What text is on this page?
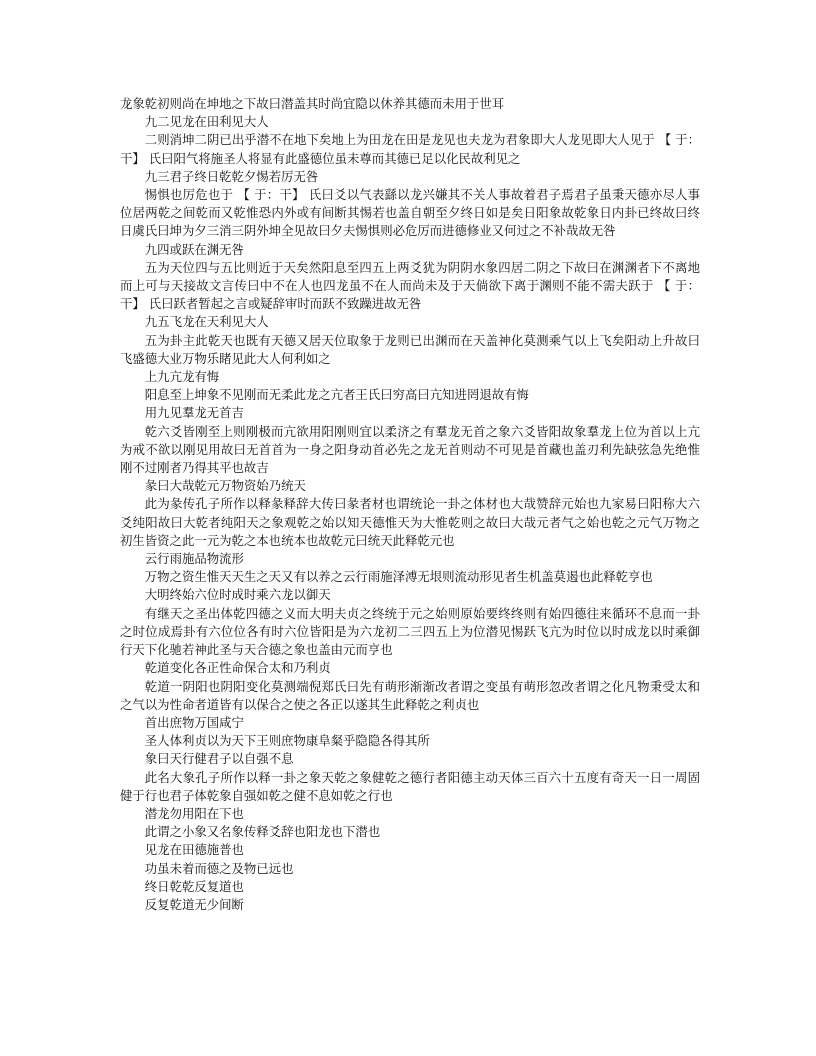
龙象乾初则尚在坤地之下故曰潜盖其时尚宜隐以休养其德而未用于世耳

九二见龙在田利见大人

二则消坤二阴已出乎潜不在地下矣地上为田龙在田是龙见也夫龙为君象即大人龙见即大人见于 【 于：干】 氏曰阳气将施圣人将显有此盛德位虽未尊而其德已足以化民故利见之

九三君子终日乾乾夕惕若厉无咎

惕惧也厉危也于 【 于：干】 氏曰爻以气表繇以龙兴嫌其不关人事故着君子焉君子虽秉天德亦尽人事位居两乾之间乾而又乾惟恐内外或有间断其惕若也盖自朝至夕终日如是矣日阳象故乾象日内卦已终故曰终日虞氏曰坤为夕三消三阴外坤全见故曰夕夫惕惧则必危厉而进德修业又何过之不补哉故无咎

九四或跃在渊无咎

五为天位四与五比则近于天矣然阳息至四五上两爻犹为阴阴水象四居二阴之下故曰在渊渊者下不离地而上可与天接故文言传曰中不在人也四龙虽不在人而尚未及于天倘欲下离于渊则不能不需夫跃于 【 于：干】 氏曰跃者暂起之言或疑辞审时而跃不致躁进故无咎

九五飞龙在天利见大人

五为卦主此乾天也既有天德又居天位取象于龙则已出渊而在天盖神化莫测乘气以上飞矣阳动上升故曰飞盛德大业万物乐睹见此大人何利如之

上九亢龙有悔

阳息至上坤象不见刚而无柔此龙之亢者王氏曰穷高曰亢知进罔退故有悔

用九见羣龙无首吉

乾六爻皆刚至上则刚极而亢欲用阳刚则宜以柔济之有羣龙无首之象六爻皆阳故象羣龙上位为首以上亢为戒不欲以刚见用故曰无首首为一身之阳身动首必先之龙无首则动不可见是首藏也盖刃利先缺弦急先绝惟刚不过刚者乃得其平也故吉

彖曰大哉乾元万物资始乃统天

此为彖传孔子所作以释彖释辞大传曰彖者材也谓统论一卦之体材也大哉赞辞元始也九家易曰阳称大六爻纯阳故曰大乾者纯阳天之象观乾之始以知天德惟天为大惟乾则之故曰大哉元者气之始也乾之元气万物之初生皆资之此一元为乾之本也统本也故乾元曰统天此释乾元也

云行雨施品物流形

万物之资生惟天天生之天又有以养之云行雨施泽溥无垠则流动形见者生机盖莫遏也此释乾亨也

大明终始六位时成时乘六龙以御天

有继天之圣出体乾四德之义而大明夫贞之终统于元之始则原始要终终则有始四德往来循环不息而一卦之时位成焉卦有六位位各有时六位皆阳是为六龙初二三四五上为位潜见惕跃飞亢为时位以时成龙以时乘御行天下化驰若神此圣与天合德之象也盖由元而亨也

乾道变化各正性命保合太和乃利贞

乾道一阴阳也阴阳变化莫测端倪郑氏曰先有萌形渐渐改者谓之变虽有萌形忽改者谓之化凡物秉受太和之气以为性命者道皆有以保合之使之各正以遂其生此释乾之利贞也

首出庶物万国咸宁

圣人体利贞以为天下王则庶物康阜粲乎隐隐各得其所

象曰天行健君子以自强不息

此名大象孔子所作以释一卦之象天乾之象健乾之德行者阳德主动天体三百六十五度有奇天一日一周固健于行也君子体乾象自强如乾之健不息如乾之行也

潜龙勿用阳在下也

此谓之小象又名象传释爻辞也阳龙也下潜也

见龙在田德施普也

功虽未着而德之及物已远也

终日乾乾反复道也

反复乾道无少间断
